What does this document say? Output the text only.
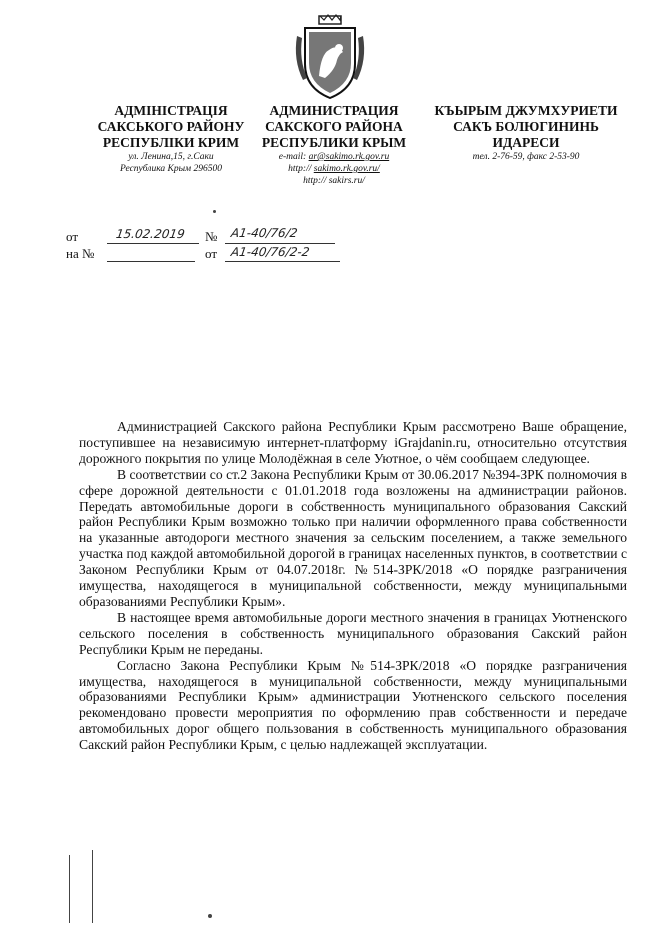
АДМІНІСТРАЦІЯ
САКСЬКОГО РАЙОНУ
РЕСПУБЛІКИ КРИМ
ул. Ленина,15, г.Саки
Республика Крым 296500
АДМИНИСТРАЦИЯ
САКСКОГО РАЙОНА
РЕСПУБЛИКИ КРЫМ
e-mail: ar@sakimo.rk.gov.ru
http:// sakimo.rk.gov.ru/
http:// sakirs.ru/
КЪЫРЫМ ДЖУМХУРИЕТИ
САКЪ БОЛЮГИНИНЬ
ИДАРЕСИ
тел. 2-76-59, факс 2-53-90
от	15.02.2019 № А1-40/76/2
на №	от А1-40/76/2-2

Администрацией Сакского района Республики Крым рассмотрено Ваше обращение, поступившее на независимую интернет-платформу iGrajdanin.ru, относительно отсутствия дорожного покрытия по улице Молодёжная в селе Уютное, о чём сообщаем следующее.

В соответствии со ст.2 Закона Республики Крым от 30.06.2017 №394-ЗРК полномочия в сфере дорожной деятельности с 01.01.2018 года возложены на администрации районов. Передать автомобильные дороги в собственность муниципального образования Сакский район Республики Крым возможно только при наличии оформленного права собственности на указанные автодороги местного значения за сельским поселением, а также земельного участка под каждой автомобильной дорогой в границах населенных пунктов, в соответствии с Законом Республики Крым от 04.07.2018г. №514-ЗРК/2018 «О порядке разграничения имущества, находящегося в муниципальной собственности, между муниципальными образованиями Республики Крым».

В настоящее время автомобильные дороги местного значения в границах Уютненского сельского поселения в собственность муниципального образования Сакский район Республики Крым не переданы.

Согласно Закона Республики Крым №514-ЗРК/2018 «О порядке разграничения имущества, находящегося в муниципальной собственности, между муниципальными образованиями Республики Крым» администрации Уютненского сельского поселения рекомендовано провести мероприятия по оформлению прав собственности и передаче автомобильных дорог общего пользования в собственность муниципального образования Сакский район Республики Крым, с целью надлежащей эксплуатации.
